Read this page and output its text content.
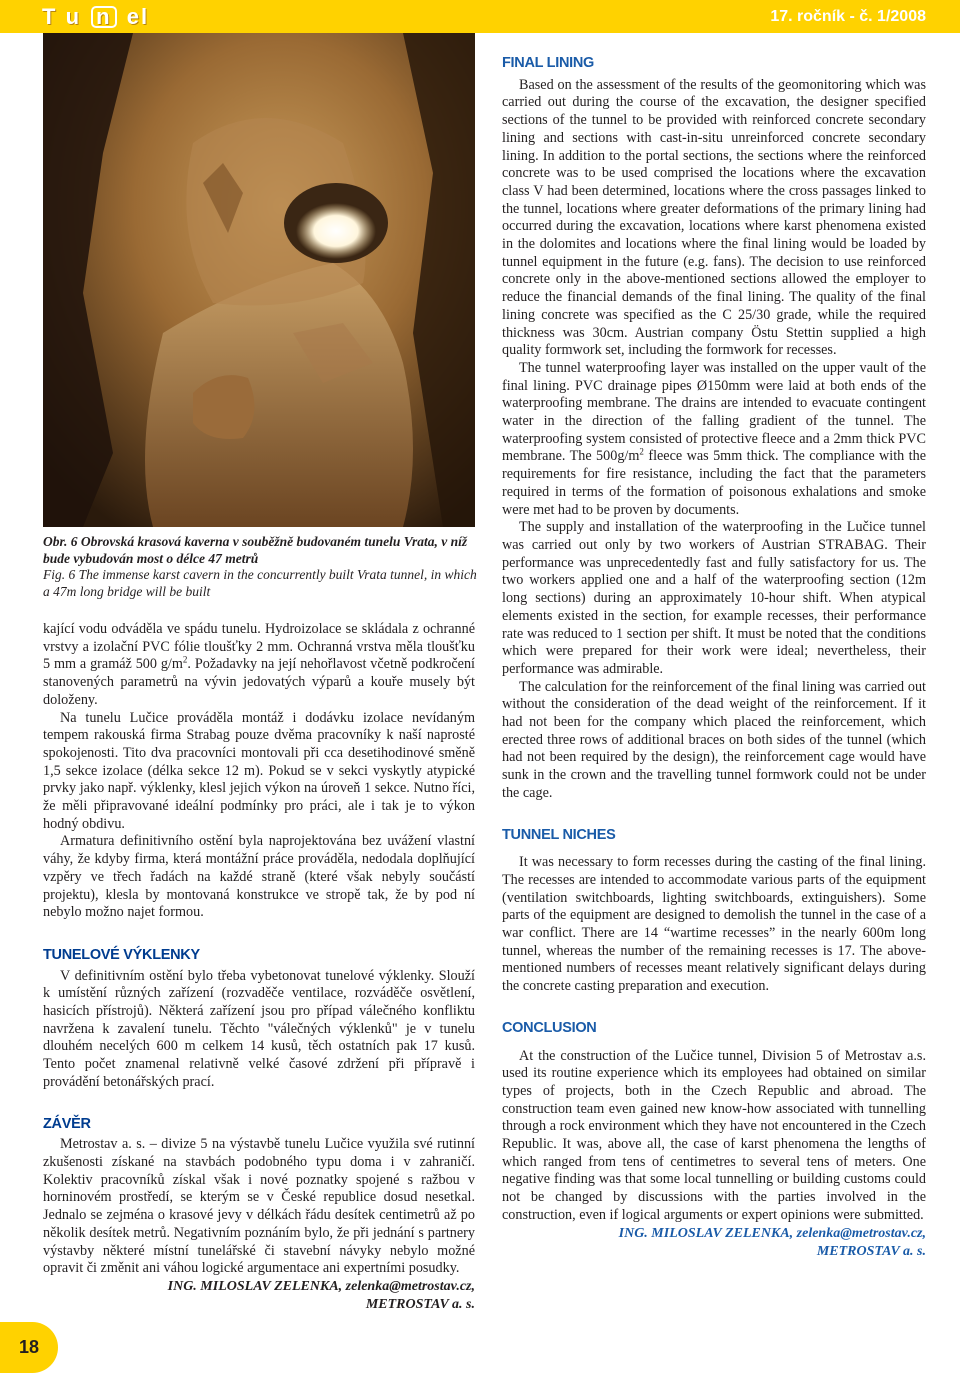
T u n el	17. ročník - č. 1/2008
Obr. 6 Obrovská krasová kaverna v souběžně budovaném tunelu Vrata, v níž bude vybudován most o délce 47 metrů
Fig. 6 The immense karst cavern in the concurrently built Vrata tunnel, in which a 47m long bridge will be built

kající vodu odváděla ve spádu tunelu. Hydroizolace se skládala z ochranné vrstvy a izolační PVC fólie tloušťky 2 mm. Ochranná vrstva měla tloušťku 5 mm a gramáž 500 $g/m^2$. Požadavky na její nehořlavost včetně podkročení stanovených parametrů na vývin jedovatých výparů a kouře musely být doloženy.

Na tunelu Lučice prováděla montáž i dodávku izolace nevídaným tempem rakouská firma Strabag pouze dvěma pracovníky k naší naprosté spokojenosti. Tito dva pracovníci montovali při cca desetihodinové směně 1,5 sekce izolace (délka sekce 12 m). Pokud se v sekci vyskytly atypické prvky jako např. výklenky, klesl jejich výkon na úroveň 1 sekce. Nutno říci, že měli připravované ideální podmínky pro práci, ale i tak je to výkon hodný obdivu.

Armatura definitivního ostění byla naprojektována bez uvážení vlastní váhy, že kdyby firma, která montážní práce prováděla, nedodala doplňující vzpěry ve třech řadách na každé straně (které však nebyly součástí projektu), klesla by montovaná konstrukce ve stropě tak, že by pod ní nebylo možno najet formou.

TUNELOVÉ VÝKLENKY

V definitivním ostění bylo třeba vybetonovat tunelové výklenky. Slouží k umístění různých zařízení (rozvaděče ventilace, rozváděče osvětlení, hasicích přístrojů). Některá zařízení jsou pro případ válečného konfliktu navržena k zavalení tunelu. Těchto "válečných výklenků" je v tunelu dlouhém necelých 600 m celkem 14 kusů, těch ostatních pak 17 kusů. Tento počet znamenal relativně velké časové zdržení při přípravě i provádění betonářských prací.

ZÁVĚR

Metrostav a. s. – divize 5 na výstavbě tunelu Lučice využila své rutinní zkušenosti získané na stavbách podobného typu doma i v zahraničí. Kolektiv pracovníků získal však i nové poznatky spojené s ražbou v horninovém prostředí, se kterým se v České republice dosud nesetkal. Jednalo se zejména o krasové jevy v délkách řádu desítek centimetrů až po několik desítek metrů. Negativním poznáním bylo, že při jednání s partnery výstavby některé místní tunelářské či stavební návyky nebylo možné opravit či změnit ani váhou logické argumentace ani expertními posudky.

ING. MILOSLAV ZELENKA, zelenka@metrostav.cz,
METROSTAV a. s.
FINAL LINING

Based on the assessment of the results of the geomonitoring which was carried out during the course of the excavation, the designer specified sections of the tunnel to be provided with reinforced concrete secondary lining and sections with cast-in-situ unreinforced concrete secondary lining. In addition to the portal sections, the sections where the reinforced concrete was to be used comprised the locations where the excavation class V had been determined, locations where the cross passages linked to the tunnel, locations where greater deformations of the primary lining had occurred during the excavation, locations where karst phenomena existed in the dolomites and locations where the final lining would be loaded by tunnel equipment in the future (e.g. fans). The decision to use reinforced concrete only in the above-mentioned sections allowed the employer to reduce the financial demands of the final lining. The quality of the final lining concrete was specified as the C 25/30 grade, while the required thickness was 30cm. Austrian company Östu Stettin supplied a high quality formwork set, including the formwork for recesses.

The tunnel waterproofing layer was installed on the upper vault of the final lining. PVC drainage pipes Ø150mm were laid at both ends of the waterproofing membrane. The drains are intended to evacuate contingent water in the direction of the falling gradient of the tunnel. The waterproofing system consisted of protective fleece and a 2mm thick PVC membrane. The $500g/m^2$ fleece was 5mm thick. The compliance with the requirements for fire resistance, including the fact that the parameters required in terms of the formation of poisonous exhalations and smoke were met had to be proven by documents.

The supply and installation of the waterproofing in the Lučice tunnel was carried out only by two workers of Austrian STRABAG. Their performance was unprecedentedly fast and fully satisfactory for us. The two workers applied one and a half of the waterproofing section (12m long sections) during an approximately 10-hour shift. When atypical elements existed in the section, for example recesses, their performance rate was reduced to 1 section per shift. It must be noted that the conditions which were prepared for their work were ideal; nevertheless, their performance was admirable.

The calculation for the reinforcement of the final lining was carried out without the consideration of the dead weight of the reinforcement. If it had not been for the company which placed the reinforcement, which erected three rows of additional braces on both sides of the tunnel (which had not been required by the design), the reinforcement cage would have sunk in the crown and the travelling tunnel formwork could not be under the cage.

TUNNEL NICHES

It was necessary to form recesses during the casting of the final lining. The recesses are intended to accommodate various parts of the equipment (ventilation switchboards, lighting switchboards, extinguishers). Some parts of the equipment are designed to demolish the tunnel in the case of a war conflict. There are 14 “wartime recesses” in the nearly 600m long tunnel, whereas the number of the remaining recesses is 17. The above-mentioned numbers of recesses meant relatively significant delays during the concrete casting preparation and execution.

CONCLUSION

At the construction of the Lučice tunnel, Division 5 of Metrostav a.s. used its routine experience which its employees had obtained on similar types of projects, both in the Czech Republic and abroad. The construction team even gained new know-how associated with tunnelling through a rock environment which they have not encountered in the Czech Republic. It was, above all, the case of karst phenomena the lengths of which ranged from tens of centimetres to several tens of meters. One negative finding was that some local tunnelling or building customs could not be changed by discussions with the parties involved in the construction, even if logical arguments or expert opinions were submitted.

ING. MILOSLAV ZELENKA, zelenka@metrostav.cz,
METROSTAV a. s.
18
